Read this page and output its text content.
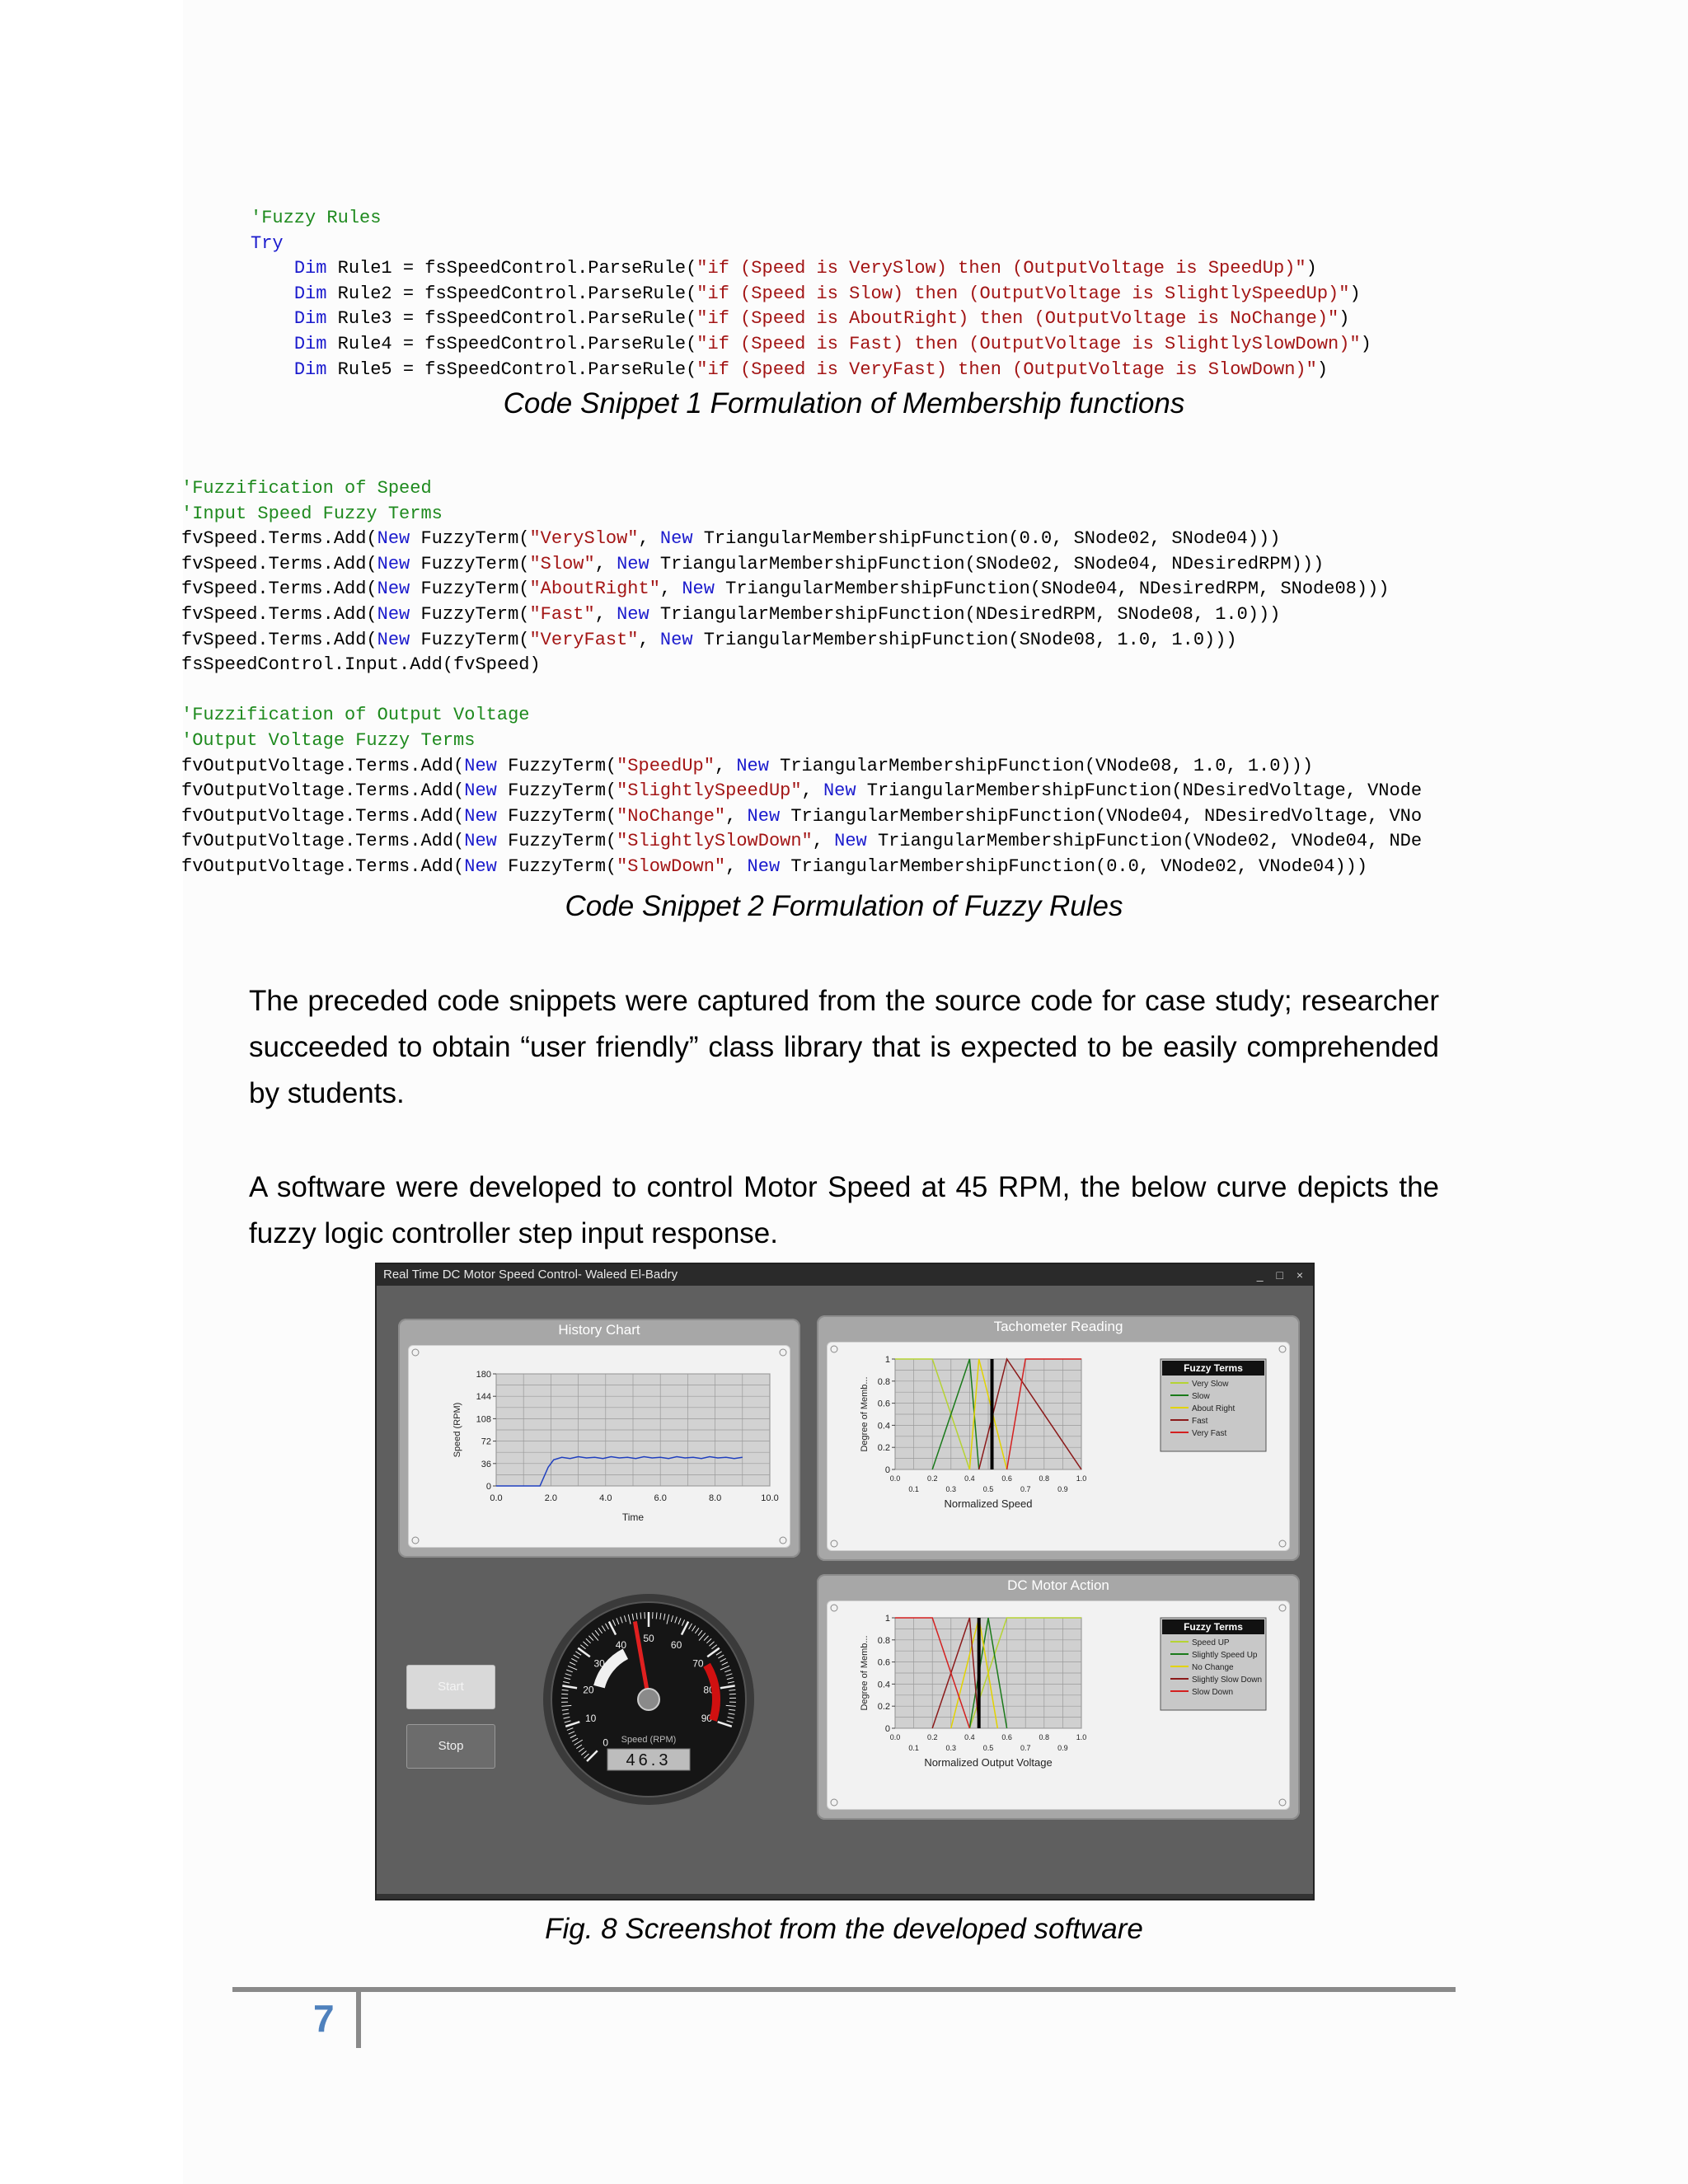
'Fuzzy Rules
Try
Dim Rule1 = fsSpeedControl.ParseRule("if (Speed is VerySlow) then (OutputVoltage is SpeedUp)")
Dim Rule2 = fsSpeedControl.ParseRule("if (Speed is Slow) then (OutputVoltage is SlightlySpeedUp)")
Dim Rule3 = fsSpeedControl.ParseRule("if (Speed is AboutRight) then (OutputVoltage is NoChange)")
Dim Rule4 = fsSpeedControl.ParseRule("if (Speed is Fast) then (OutputVoltage is SlightlySlowDown)")
Dim Rule5 = fsSpeedControl.ParseRule("if (Speed is VeryFast) then (OutputVoltage is SlowDown)")
Code Snippet 1 Formulation of Membership functions
'Fuzzification of Speed
'Input Speed Fuzzy Terms
fvSpeed.Terms.Add(New FuzzyTerm("VerySlow", New TriangularMembershipFunction(0.0, SNode02, SNode04)))
fvSpeed.Terms.Add(New FuzzyTerm("Slow", New TriangularMembershipFunction(SNode02, SNode04, NDesiredRPM)))
fvSpeed.Terms.Add(New FuzzyTerm("AboutRight", New TriangularMembershipFunction(SNode04, NDesiredRPM, SNode08)))
fvSpeed.Terms.Add(New FuzzyTerm("Fast", New TriangularMembershipFunction(NDesiredRPM, SNode08, 1.0)))
fvSpeed.Terms.Add(New FuzzyTerm("VeryFast", New TriangularMembershipFunction(SNode08, 1.0, 1.0)))
fsSpeedControl.Input.Add(fvSpeed)

'Fuzzification of Output Voltage
'Output Voltage Fuzzy Terms
fvOutputVoltage.Terms.Add(New FuzzyTerm("SpeedUp", New TriangularMembershipFunction(VNode08, 1.0, 1.0)))
fvOutputVoltage.Terms.Add(New FuzzyTerm("SlightlySpeedUp", New TriangularMembershipFunction(NDesiredVoltage, VNode
fvOutputVoltage.Terms.Add(New FuzzyTerm("NoChange", New TriangularMembershipFunction(VNode04, NDesiredVoltage, VNo
fvOutputVoltage.Terms.Add(New FuzzyTerm("SlightlySlowDown", New TriangularMembershipFunction(VNode02, VNode04, NDe
fvOutputVoltage.Terms.Add(New FuzzyTerm("SlowDown", New TriangularMembershipFunction(0.0, VNode02, VNode04)))
Code Snippet 2 Formulation of Fuzzy Rules
The preceded code snippets were captured from the source code for case study; researcher succeeded to obtain “user friendly” class library that is expected to be easily comprehended by students.
A software were developed to control Motor Speed at 45 RPM, the below curve depicts the fuzzy logic controller step input response.
Real Time DC Motor Speed Control- Waleed El-Badry	_ □ ×
History Chart
0
36
72
108
144
180
0.0	2.0	4.0	6.0	8.0	10.0
Time
Speed (RPM)
Tachometer Reading
0
0.2
0.4
0.6
0.8
1
0.0	0.2	0.4	0.6	0.8	1.0
0.1	0.3	0.5	0.7	0.9
Normalized Speed
Degree of Memb...
Fuzzy Terms
Very Slow
Slow
About Right
Fast
Very Fast
DC Motor Action
0
0.2
0.4
0.6
0.8
1
0.0	0.2	0.4	0.6	0.8	1.0
0.1	0.3	0.5	0.7	0.9
Normalized Output Voltage
Degree of Memb...
Fuzzy Terms
Speed UP
Slightly Speed Up
No Change
Slightly Slow Down
Slow Down
Start
Stop	0
10
20
30
40
50
60
70
80
90
Speed (RPM)
46.3
Fig. 8 Screenshot from the developed software
7
